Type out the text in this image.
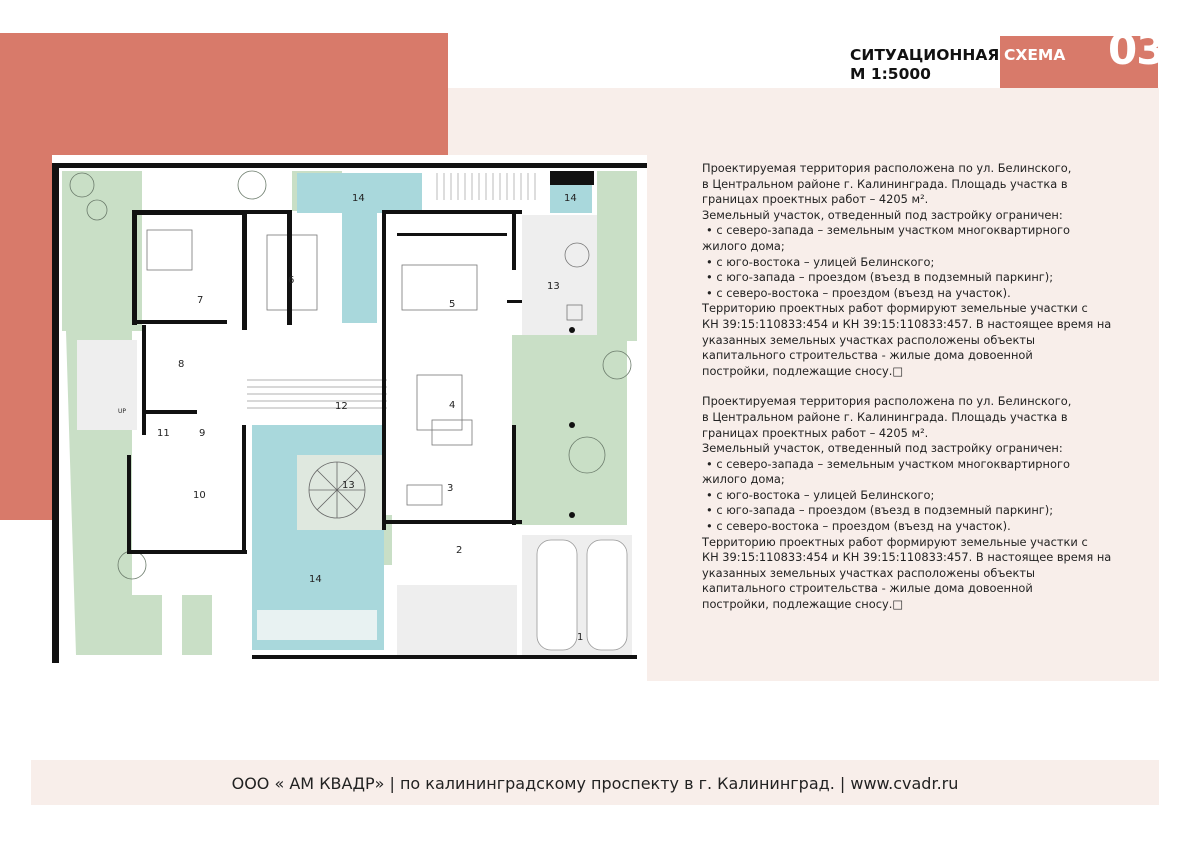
СХЕМА
СИТУАЦИОННАЯ
М 1:5000	03
1
2
3
4
5
6
7
8
9
10
11
12
13
13
14	14
14
UP

Проектируемая территория расположена по ул. Белинского,

в Центральном районе г. Калининграда. Площадь участка в

границах проектных работ – 4205 м².

Земельный участок, отведенный под застройку ограничен:

• с северо-запада – земельным участком многоквартирного

жилого дома;

• с юго-востока – улицей Белинского;

• с юго-запада – проездом (въезд в подземный паркинг);

• с северо-востока – проездом (въезд на участок).

Территорию проектных работ формируют земельные участки с

КН 39:15:110833:454 и КН 39:15:110833:457. В настоящее время на

указанных земельных участках расположены объекты

капитального строительства - жилые дома довоенной

постройки, подлежащие сносу.□

Проектируемая территория расположена по ул. Белинского,

в Центральном районе г. Калининграда. Площадь участка в

границах проектных работ – 4205 м².

Земельный участок, отведенный под застройку ограничен:

• с северо-запада – земельным участком многоквартирного

жилого дома;

• с юго-востока – улицей Белинского;

• с юго-запада – проездом (въезд в подземный паркинг);

• с северо-востока – проездом (въезд на участок).

Территорию проектных работ формируют земельные участки с

КН 39:15:110833:454 и КН 39:15:110833:457. В настоящее время на

указанных земельных участках расположены объекты

капитального строительства - жилые дома довоенной

постройки, подлежащие сносу.□

ООО « АМ КВАДР» | по калининградскому проспекту в г. Калининград. | www.cvadr.ru
